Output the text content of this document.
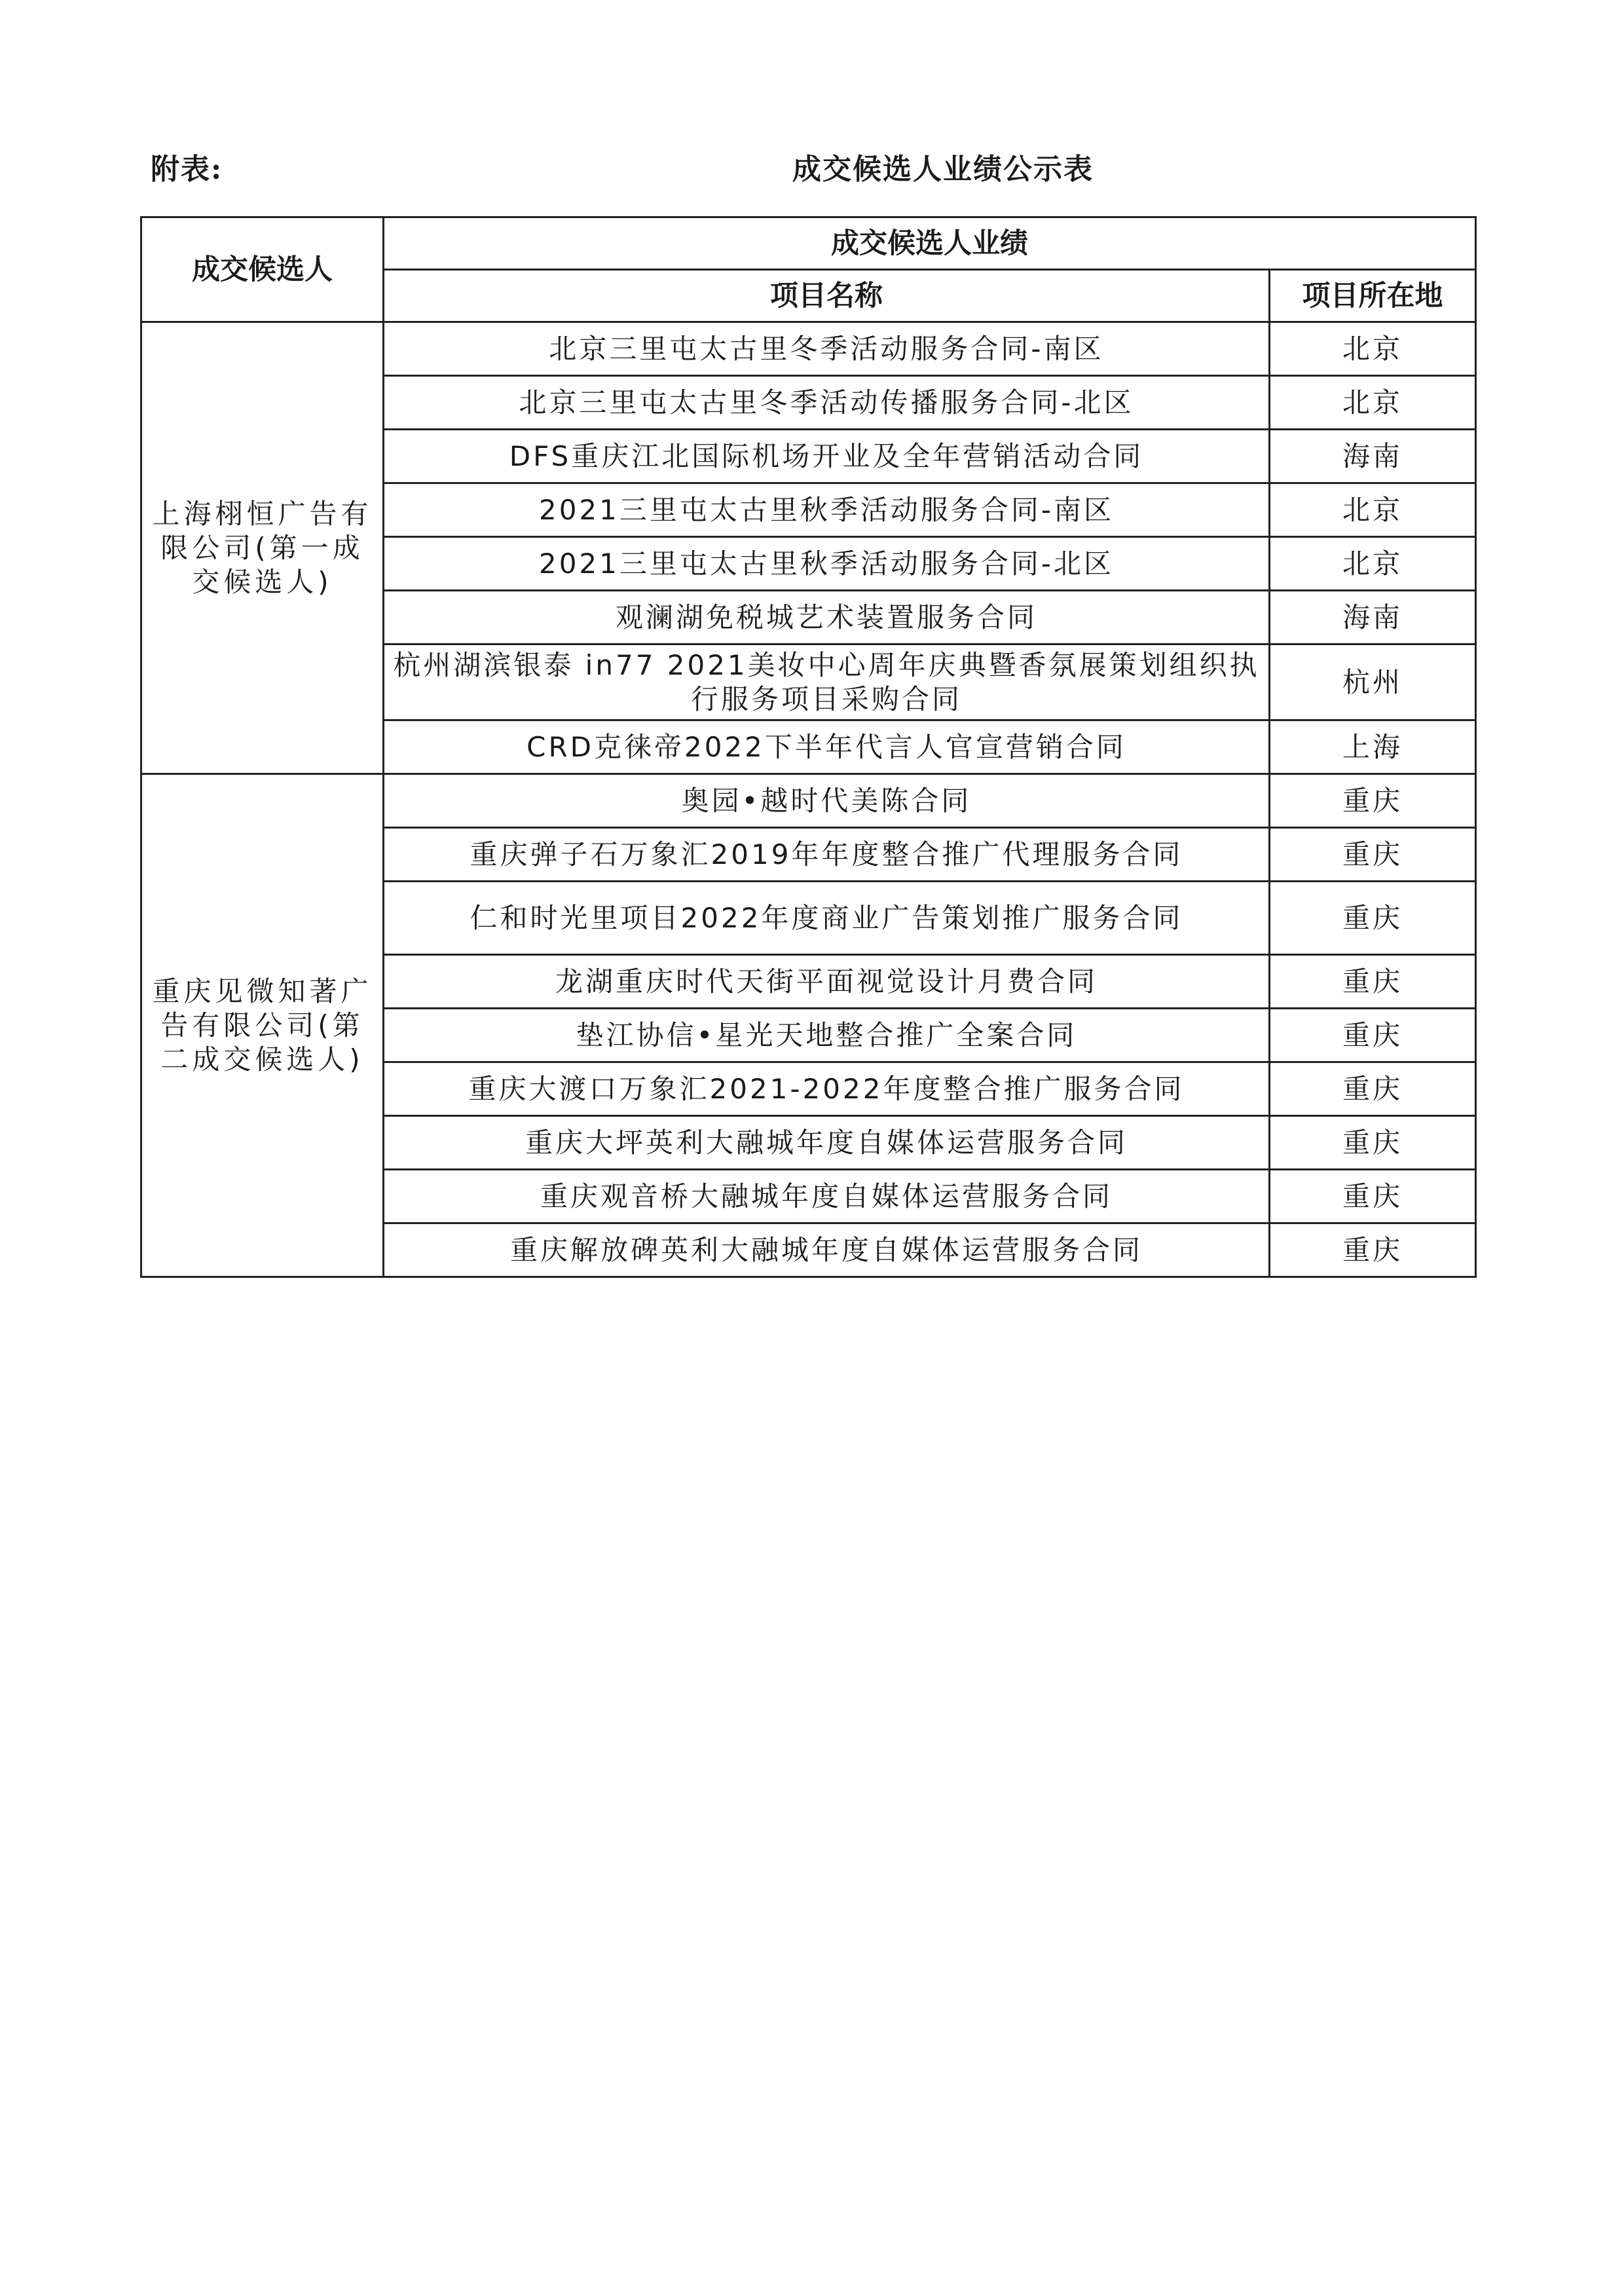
附表:	成交候选人业绩公示表
成交候选人	成交候选人业绩	
	项目名称	项目所在地
上海栩恒广告有限公司(第一成交候选人)	北京三里屯太古里冬季活动服务合同-南区	北京
	北京三里屯太古里冬季活动传播服务合同-北区	北京
	DFS重庆江北国际机场开业及全年营销活动合同	海南
	2021三里屯太古里秋季活动服务合同-南区	北京
	2021三里屯太古里秋季活动服务合同-北区	北京
	观澜湖免税城艺术装置服务合同	海南
	杭州湖滨银泰 in77 2021美妆中心周年庆典暨香氛展策划组织执行服务项目采购合同	杭州
	CRD克徕帝2022下半年代言人官宣营销合同	上海
重庆见微知著广告有限公司(第二成交候选人)	奥园•越时代美陈合同	重庆
	重庆弹子石万象汇2019年年度整合推广代理服务合同	重庆
	仁和时光里项目2022年度商业广告策划推广服务合同	重庆
	龙湖重庆时代天街平面视觉设计月费合同	重庆
	垫江协信•星光天地整合推广全案合同	重庆
	重庆大渡口万象汇2021-2022年度整合推广服务合同	重庆
	重庆大坪英利大融城年度自媒体运营服务合同	重庆
	重庆观音桥大融城年度自媒体运营服务合同	重庆
	重庆解放碑英利大融城年度自媒体运营服务合同	重庆
